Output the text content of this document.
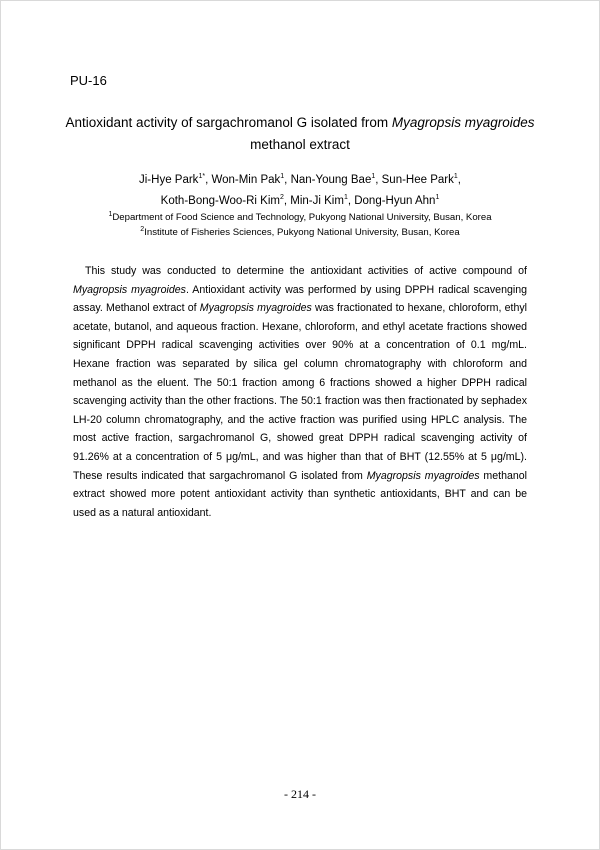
PU-16
Antioxidant activity of sargachromanol G isolated from Myagropsis myagroides
methanol extract
Ji-Hye Park$^{1*}$, Won-Min Pak$^1$, Nan-Young Bae$^1$, Sun-Hee Park$^1$,
Koth-Bong-Woo-Ri Kim$^2$, Min-Ji Kim$^1$, Dong-Hyun Ahn$^1$
$^1$Department of Food Science and Technology, Pukyong National University, Busan, Korea
$^2$Institute of Fisheries Sciences, Pukyong National University, Busan, Korea

This study was conducted to determine the antioxidant activities of active compound of Myagropsis myagroides. Antioxidant activity was performed by using DPPH radical scavenging assay. Methanol extract of Myagropsis myagroides was fractionated to hexane, chloroform, ethyl acetate, butanol, and aqueous fraction. Hexane, chloroform, and ethyl acetate fractions showed significant DPPH radical scavenging activities over 90% at a concentration of 0.1 mg/mL. Hexane fraction was separated by silica gel column chromatography with chloroform and methanol as the eluent. The 50:1 fraction among 6 fractions showed a higher DPPH radical scavenging activity than the other fractions. The 50:1 fraction was then fractionated by sephadex LH-20 column chromatography, and the active fraction was purified using HPLC analysis. The most active fraction, sargachromanol G, showed great DPPH radical scavenging activity of 91.26% at a concentration of 5 μg/mL, and was higher than that of BHT (12.55% at 5 μg/mL). These results indicated that sargachromanol G isolated from Myagropsis myagroides methanol extract showed more potent antioxidant activity than synthetic antioxidants, BHT and can be used as a natural antioxidant.

- 214 -
